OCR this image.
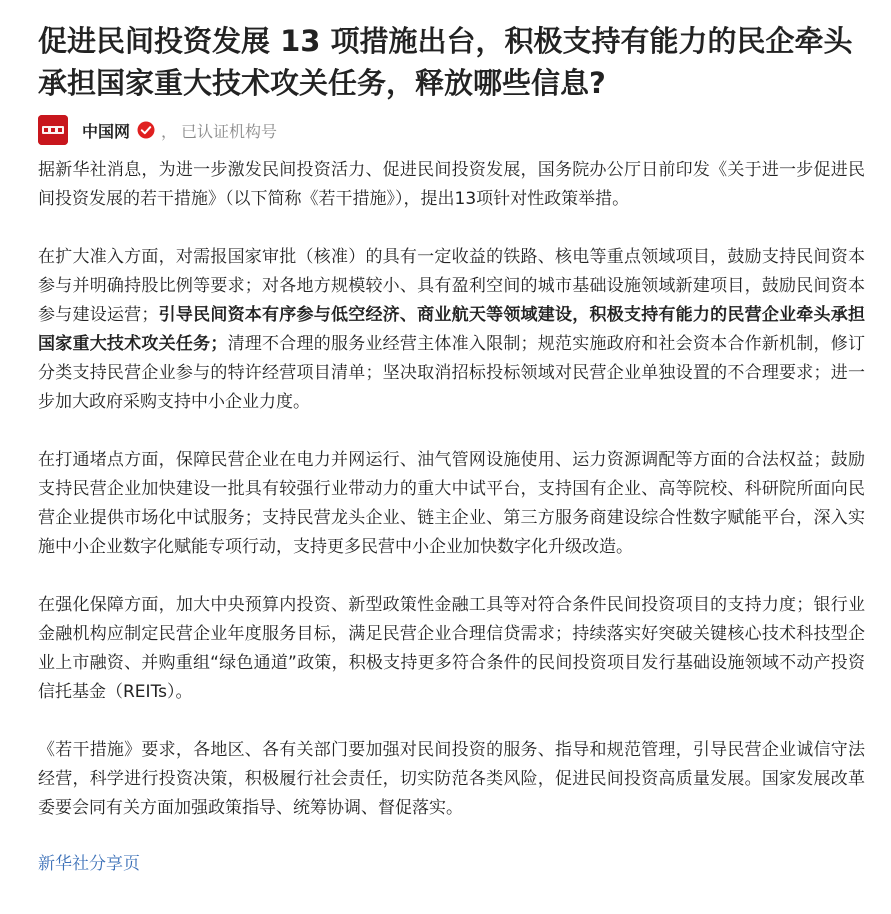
促进民间投资发展 13 项措施出台，积极支持有能力的民企牵头承担国家重大技术攻关任务，释放哪些信息?
中国网 ， 已认证机构号

据新华社消息，为进一步激发民间投资活力、促进民间投资发展，国务院办公厅日前印发《关于进一步促进民间投资发展的若干措施》（以下简称《若干措施》），提出13项针对性政策举措。

在扩大准入方面，对需报国家审批（核准）的具有一定收益的铁路、核电等重点领域项目，鼓励支持民间资本参与并明确持股比例等要求；对各地方规模较小、具有盈利空间的城市基础设施领域新建项目，鼓励民间资本参与建设运营；引导民间资本有序参与低空经济、商业航天等领域建设，积极支持有能力的民营企业牵头承担国家重大技术攻关任务；清理不合理的服务业经营主体准入限制；规范实施政府和社会资本合作新机制，修订分类支持民营企业参与的特许经营项目清单；坚决取消招标投标领域对民营企业单独设置的不合理要求；进一步加大政府采购支持中小企业力度。

在打通堵点方面，保障民营企业在电力并网运行、油气管网设施使用、运力资源调配等方面的合法权益；鼓励支持民营企业加快建设一批具有较强行业带动力的重大中试平台，支持国有企业、高等院校、科研院所面向民营企业提供市场化中试服务；支持民营龙头企业、链主企业、第三方服务商建设综合性数字赋能平台，深入实施中小企业数字化赋能专项行动，支持更多民营中小企业加快数字化升级改造。

在强化保障方面，加大中央预算内投资、新型政策性金融工具等对符合条件民间投资项目的支持力度；银行业金融机构应制定民营企业年度服务目标，满足民营企业合理信贷需求；持续落实好突破关键核心技术科技型企业上市融资、并购重组“绿色通道”政策，积极支持更多符合条件的民间投资项目发行基础设施领域不动产投资信托基金（REITs）。

《若干措施》要求，各地区、各有关部门要加强对民间投资的服务、指导和规范管理，引导民营企业诚信守法经营，科学进行投资决策，积极履行社会责任，切实防范各类风险，促进民间投资高质量发展。国家发展改革委要会同有关方面加强政策指导、统筹协调、督促落实。

新华社分享页
